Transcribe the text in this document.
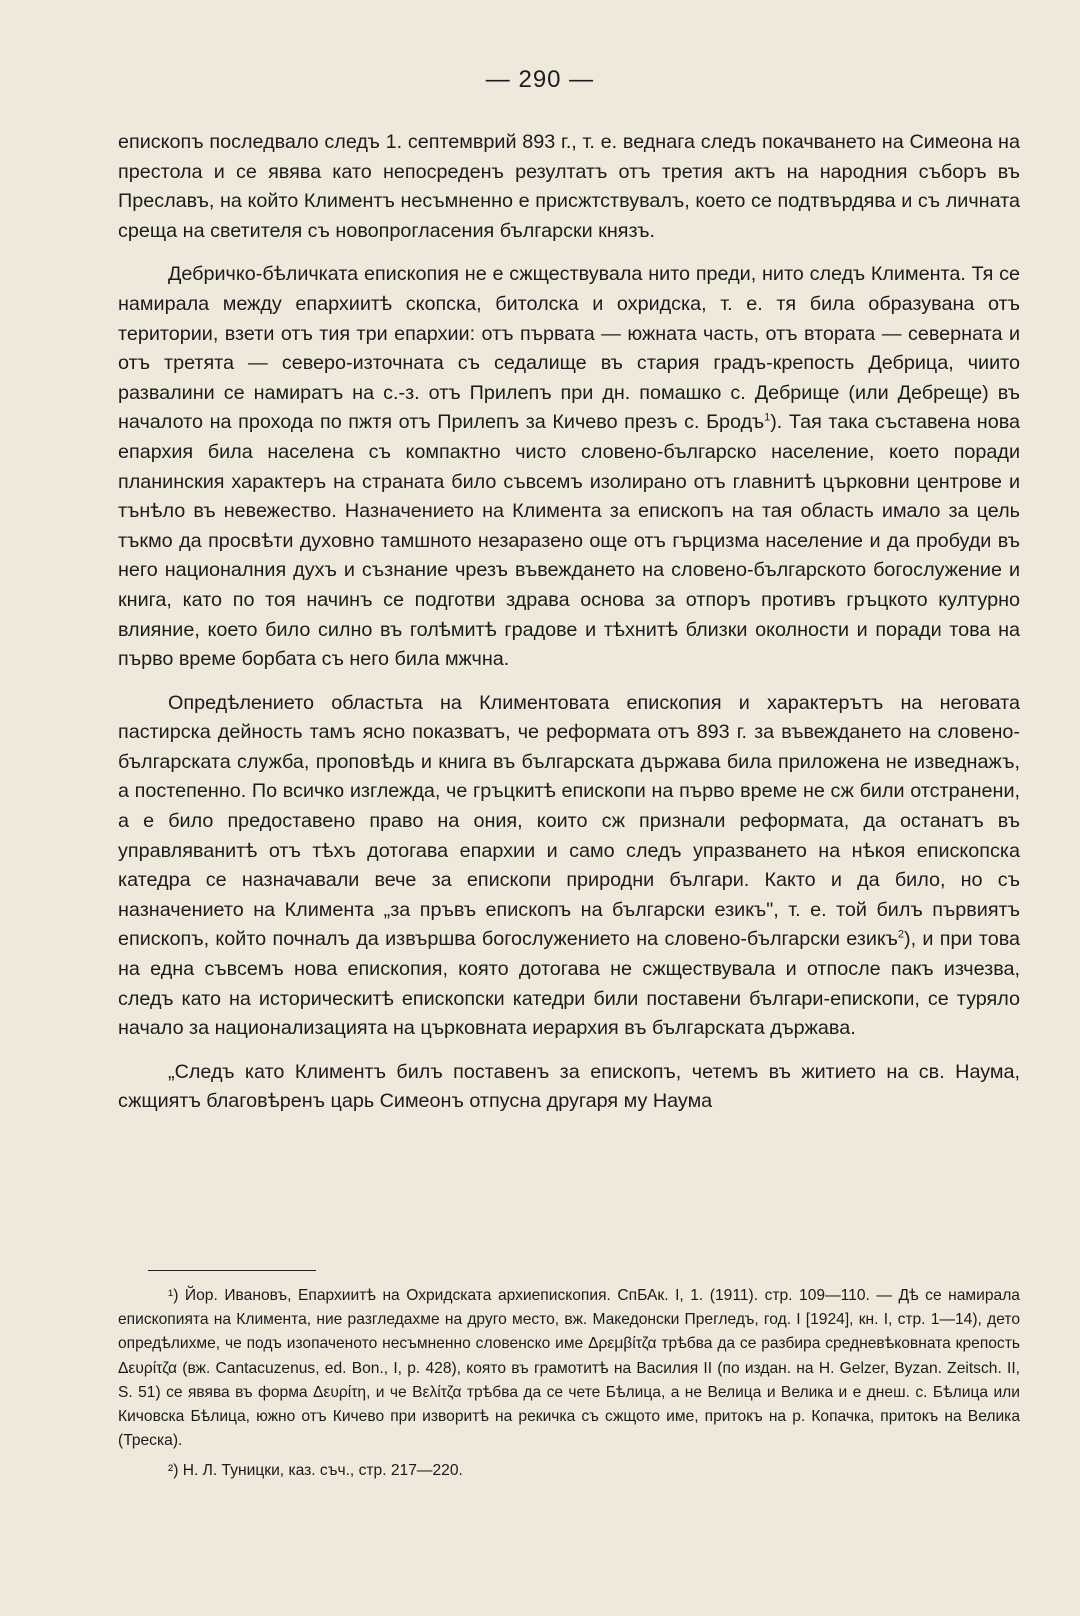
— 290 —

епископъ последвало следъ 1. септемврий 893 г., т. е. веднага следъ покачването на Симеона на престола и се явява като непосреденъ резултатъ отъ третия актъ на народния съборъ въ Преславъ, на който Климентъ несъмненно е присжтствувалъ, което се подтвърдява и съ личната среща на светителя съ новопрогласения български князъ.

Дебричко-бѣличката епископия не е сжществувала нито преди, нито следъ Климента. Тя се намирала между епархиитѣ скопска, битолска и охридска, т. е. тя била образувана отъ територии, взети отъ тия три епархии: отъ първата — южната часть, отъ втората — северната и отъ третята — северо-източната съ седалище въ стария градъ-крепость Дебрица, чиито развалини се намиратъ на с.-з. отъ Прилепъ при дн. помашко с. Дебрище (или Дебреще) въ началото на прохода по пжтя отъ Прилепъ за Кичево презъ с. Бродъ$^1$). Тая така съставена нова епархия била населена съ компактно чисто словено-българско население, което поради планинския характеръ на страната било съвсемъ изолирано отъ главнитѣ църковни центрове и тънѣло въ невежество. Назначението на Климента за епископъ на тая область имало за цель тъкмо да просвѣти духовно тамшното незаразено още отъ гърцизма население и да пробуди въ него националния духъ и съзнание чрезъ въвеждането на словено-българското богослужение и книга, като по тоя начинъ се подготви здрава основа за отпоръ противъ гръцкото културно влияние, което било силно въ голѣмитѣ градове и тѣхнитѣ близки околности и поради това на първо време борбата съ него била мжчна.

Опредѣлението областьта на Климентовата епископия и характерътъ на неговата пастирска дейность тамъ ясно показватъ, че реформата отъ 893 г. за въвеждането на словено-българската служба, проповѣдь и книга въ българската държава била приложена не изведнажъ, а постепенно. По всичко изглежда, че гръцкитѣ епископи на първо време не сж били отстранени, а е било предоставено право на ония, които сж признали реформата, да останатъ въ управляванитѣ отъ тѣхъ дотогава епархии и само следъ упразването на нѣкоя епископска катедра се назначавали вече за епископи природни българи. Както и да било, но съ назначението на Климента „за пръвъ епископъ на български езикъ", т. е. той билъ първиятъ епископъ, който почналъ да извършва богослужението на словено-български езикъ$^2$), и при това на една съвсемъ нова епископия, която дотогава не сжществувала и отпосле пакъ изчезва, следъ като на историческитѣ епископски катедри били поставени българи-епископи, се туряло начало за национализацията на църковната иерархия въ българската държава.

„Следъ като Климентъ билъ поставенъ за епископъ, четемъ въ житието на св. Наума, сжщиятъ благовѣренъ царь Симеонъ отпусна другаря му Наума

¹) Йор. Ивановъ, Епархиитѣ на Охридската архиепископия. СпБАк. I, 1. (1911). стр. 109—110. — Дѣ се намирала епископията на Климента, ние разгледахме на друго место, вж. Македонски Прегледъ, год. I [1924], кн. I, стр. 1—14), дето опредѣлихме, че подъ изопаченото несъмненно словенско име Δρεμβίτζα трѣбва да се разбира средневѣковната крепость Δευρίτζα (вж. Cantacuzenus, ed. Bon., I, p. 428), която въ грамотитѣ на Василия II (по издан. на H. Gelzer, Byzan. Zeitsch. II, S. 51) се явява въ форма Δευρίτη, и че Βελίτζα трѣбва да се чете Бѣлица, а не Велица и Велика и е днеш. с. Бѣлица или Кичовска Бѣлица, южно отъ Кичево при изворитѣ на рекичка съ сжщото име, притокъ на р. Копачка, притокъ на Велика (Треска).

²) Н. Л. Туницки, каз. съч., стр. 217—220.
